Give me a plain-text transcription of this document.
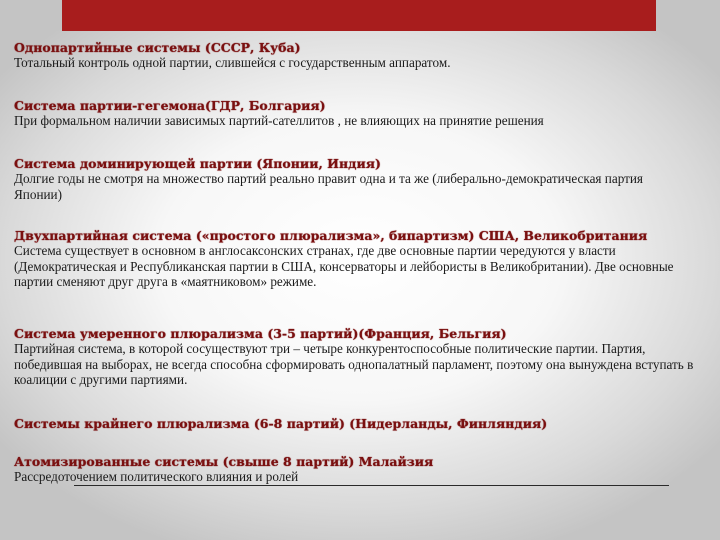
Однопартийные системы (СССР, Куба)
Тотальный контроль одной партии, слившейся с государственным аппаратом.
Система партии-гегемона(ГДР, Болгария)
При формальном наличии зависимых партий-сателлитов , не влияющих на принятие решения
Система доминирующей партии (Японии, Индия)
Долгие годы не смотря на множество партий реально правит одна и та же (либерально-демократическая партия Японии)
Двухпартийная система («простого плюрализма», бипартизм) США, Великобритания
Система существует в основном в англосаксонских странах, где две основные партии чередуются у власти (Демократическая и Республиканская партии в США, консерваторы и лейбористы в Великобритании). Две основные партии сменяют друг друга в «маятниковом» режиме.
Система умеренного плюрализма (3-5 партий)(Франция, Бельгия)
Партийная система, в которой сосуществуют три – четыре конкурентоспособные политические партии. Партия, победившая на выборах, не всегда способна сформировать однопалатный парламент, поэтому она вынуждена вступать в коалиции с другими партиями.
Системы крайнего плюрализма (6-8 партий) (Нидерланды, Финляндия)
Атомизированные системы (свыше 8 партий) Малайзия
Рассредоточением политического влияния и ролей
